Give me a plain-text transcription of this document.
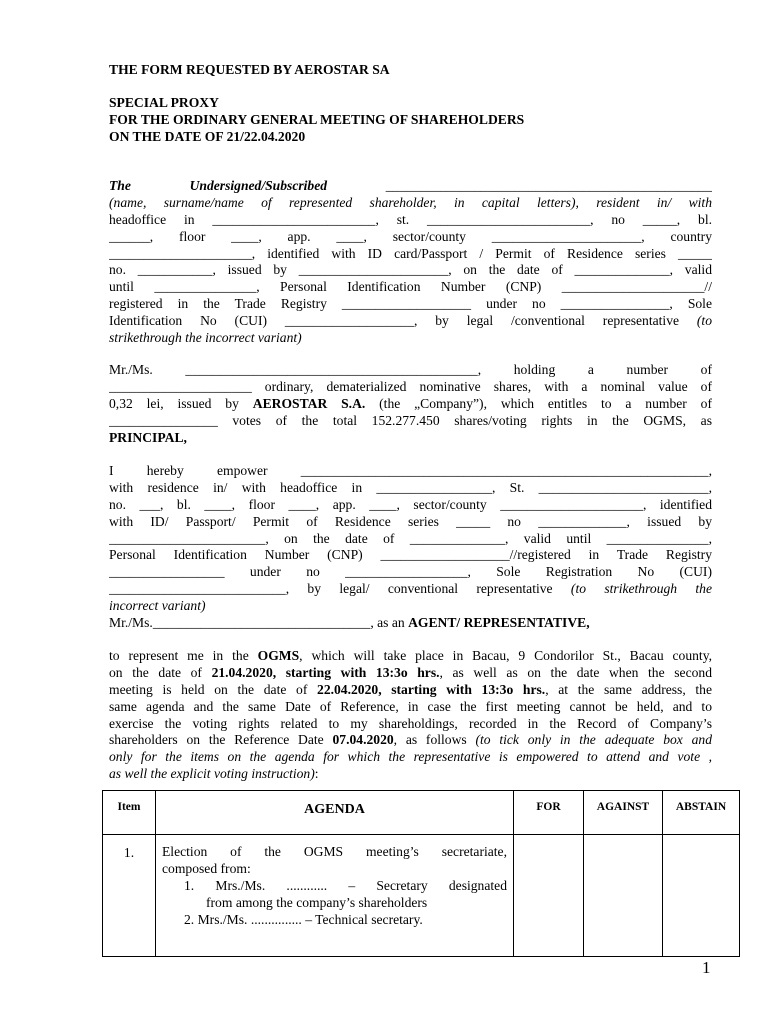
THE FORM REQUESTED BY AEROSTAR SA
SPECIAL PROXY
FOR THE ORDINARY GENERAL MEETING OF SHAREHOLDERS
ON THE DATE OF 21/22.04.2020
The Undersigned/Subscribed ________________________________________________
(name, surname/name of represented shareholder, in capital letters), resident in/ with
headoffice in ________________________, st. ________________________, no _____, bl.
______, floor ____, app. ____, sector/county ______________________, country
_____________________, identified with ID card/Passport / Permit of Residence series _____
no. ___________, issued by ______________________, on the date of ______________, valid
until _______________, Personal Identification Number (CNP) _____________________//
registered in the Trade Registry ___________________ under no ________________, Sole
Identification No (CUI) ___________________, by legal /conventional representative (to
strikethrough the incorrect variant)
Mr./Ms. ___________________________________________, holding a number of
_____________________ ordinary, dematerialized nominative shares, with a nominal value of
0,32 lei, issued by AEROSTAR S.A. (the „Company”), which entitles to a number of
________________ votes of the total 152.277.450 shares/voting rights in the OGMS, as
PRINCIPAL,
I hereby empower ____________________________________________________________,
with residence in/ with headoffice in _________________, St. _________________________,
no. ___, bl. ____, floor ____, app. ____, sector/county _____________________, identified
with ID/ Passport/ Permit of Residence series _____ no _____________, issued by
_______________________, on the date of ______________, valid until _______________,
Personal Identification Number (CNP) ___________________//registered in Trade Registry
_________________ under no __________________, Sole Registration No (CUI)
__________________________, by legal/ conventional representative (to strikethrough the
incorrect variant)
Mr./Ms.________________________________, as an AGENT/ REPRESENTATIVE,
to represent me in the OGMS, which will take place in Bacau, 9 Condorilor St., Bacau county,
on the date of 21.04.2020, starting with 13:3o hrs., as well as on the date when the second
meeting is held on the date of 22.04.2020, starting with 13:3o hrs., at the same address, the
same agenda and the same Date of Reference, in case the first meeting cannot be held, and to
exercise the voting rights related to my shareholdings, recorded in the Record of Company’s
shareholders on the Reference Date 07.04.2020, as follows (to tick only in the adequate box and
only for the items on the agenda for which the representative is empowered to attend and vote ,
as well the explicit voting instruction):
Item	AGENDA	FOR	AGAINST	ABSTAIN
1.	Election of the OGMS meeting’s secretariate,
composed from:
1. Mrs./Ms. ............ – Secretary designated
from among the company’s shareholders
2. Mrs./Ms. ............... – Technical secretary.			

1
